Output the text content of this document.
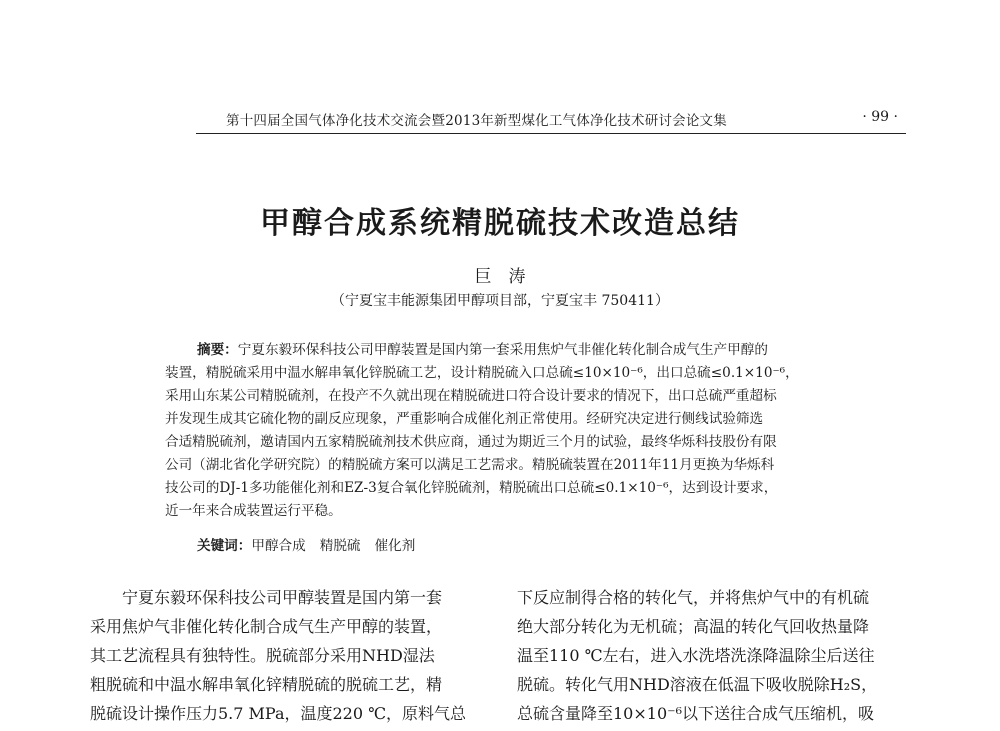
第十四届全国气体净化技术交流会暨2013年新型煤化工气体净化技术研讨会论文集	· 99 ·
甲醇合成系统精脱硫技术改造总结
巨　涛
（宁夏宝丰能源集团甲醇项目部，宁夏宝丰 750411）
摘要：宁夏东毅环保科技公司甲醇装置是国内第一套采用焦炉气非催化转化制合成气生产甲醇的
装置，精脱硫采用中温水解串氧化锌脱硫工艺，设计精脱硫入口总硫≤10×10⁻⁶，出口总硫≤0.1×10⁻⁶，
采用山东某公司精脱硫剂，在投产不久就出现在精脱硫进口符合设计要求的情况下，出口总硫严重超标
并发现生成其它硫化物的副反应现象，严重影响合成催化剂正常使用。经研究决定进行侧线试验筛选
合适精脱硫剂，邀请国内五家精脱硫剂技术供应商，通过为期近三个月的试验，最终华烁科技股份有限
公司（湖北省化学研究院）的精脱硫方案可以满足工艺需求。精脱硫装置在2011年11月更换为华烁科
技公司的DJ-1多功能催化剂和EZ-3复合氧化锌脱硫剂，精脱硫出口总硫≤0.1×10⁻⁶，达到设计要求，
近一年来合成装置运行平稳。
关键词：甲醇合成 精脱硫 催化剂
宁夏东毅环保科技公司甲醇装置是国内第一套
采用焦炉气非催化转化制合成气生产甲醇的装置，
其工艺流程具有独特性。脱硫部分采用NHD湿法
粗脱硫和中温水解串氧化锌精脱硫的脱硫工艺，精
脱硫设计操作压力5.7 MPa，温度220 ℃，原料气总
下反应制得合格的转化气，并将焦炉气中的有机硫
绝大部分转化为无机硫；高温的转化气回收热量降
温至110 ℃左右，进入水洗塔洗涤降温除尘后送往
脱硫。转化气用NHD溶液在低温下吸收脱除H₂S，
总硫含量降至10×10⁻⁶以下送往合成气压缩机，吸
